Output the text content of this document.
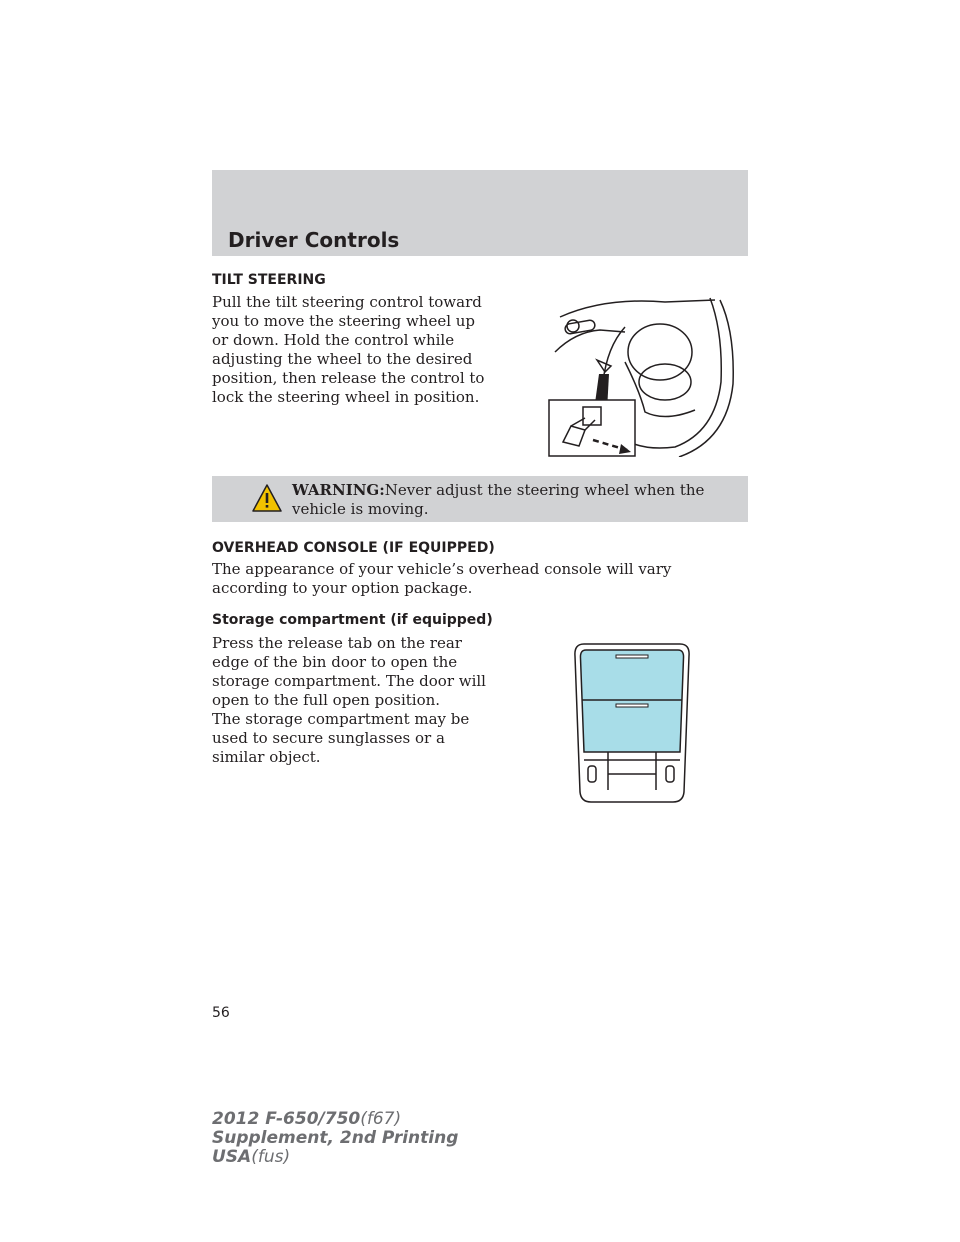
Driver Controls
TILT STEERING
Pull the tilt steering control toward
you to move the steering wheel up
or down. Hold the control while
adjusting the wheel to the desired
position, then release the control to
lock the steering wheel in position.
WARNING:Never adjust the steering wheel when the vehicle is moving.
OVERHEAD CONSOLE (IF EQUIPPED)
The appearance of your vehicle’s overhead console will vary according to your option package.
Storage compartment (if equipped)
Press the release tab on the rear
edge of the bin door to open the
storage compartment. The door will
open to the full open position.
The storage compartment may be
used to secure sunglasses or a
similar object.
56
2012 F-650/750(f67)
Supplement, 2nd Printing
USA(fus)
